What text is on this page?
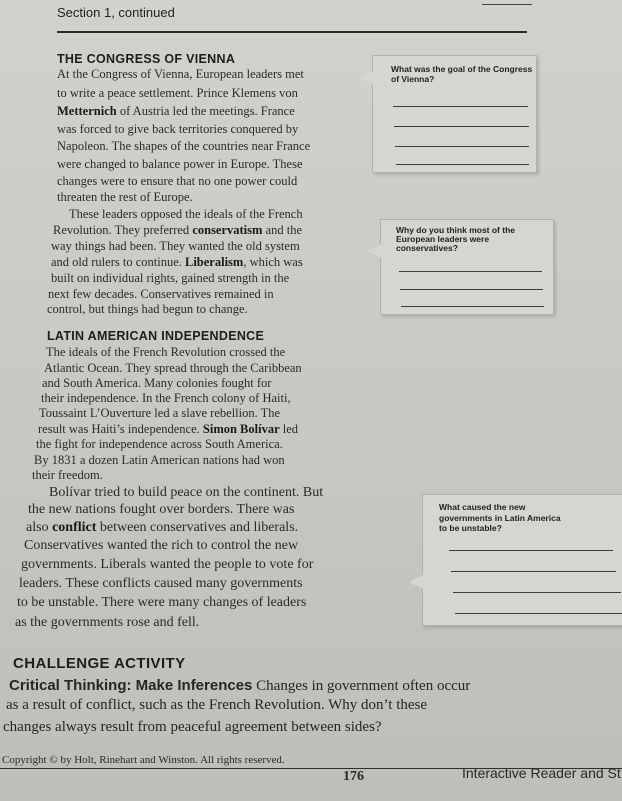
Section 1, continued
THE CONGRESS OF VIENNA
At the Congress of Vienna, European leaders met
to write a peace settlement. Prince Klemens von
Metternich of Austria led the meetings. France
was forced to give back territories conquered by
Napoleon. The shapes of the countries near France
were changed to balance power in Europe. These
changes were to ensure that no one power could
threaten the rest of Europe.
These leaders opposed the ideals of the French
Revolution. They preferred conservatism and the
way things had been. They wanted the old system
and old rulers to continue. Liberalism, which was
built on individual rights, gained strength in the
next few decades. Conservatives remained in
control, but things had begun to change.
What was the goal of the Congress
of Vienna?
Why do you think most of the
European leaders were
conservatives?
LATIN AMERICAN INDEPENDENCE
The ideals of the French Revolution crossed the
Atlantic Ocean. They spread through the Caribbean
and South America. Many colonies fought for
their independence. In the French colony of Haiti,
Toussaint L’Ouverture led a slave rebellion. The
result was Haiti’s independence. Simon Bolívar led
the fight for independence across South America.
By 1831 a dozen Latin American nations had won
their freedom.
Bolívar tried to build peace on the continent. But
the new nations fought over borders. There was
also conflict between conservatives and liberals.
Conservatives wanted the rich to control the new
governments. Liberals wanted the people to vote for
leaders. These conflicts caused many governments
to be unstable. There were many changes of leaders
as the governments rose and fell.
What caused the new
governments in Latin America
to be unstable?
CHALLENGE ACTIVITY
Critical Thinking: Make Inferences Changes in government often occur
as a result of conflict, such as the French Revolution. Why don’t these
changes always result from peaceful agreement between sides?
Copyright © by Holt, Rinehart and Winston. All rights reserved.
176	Interactive Reader and St
